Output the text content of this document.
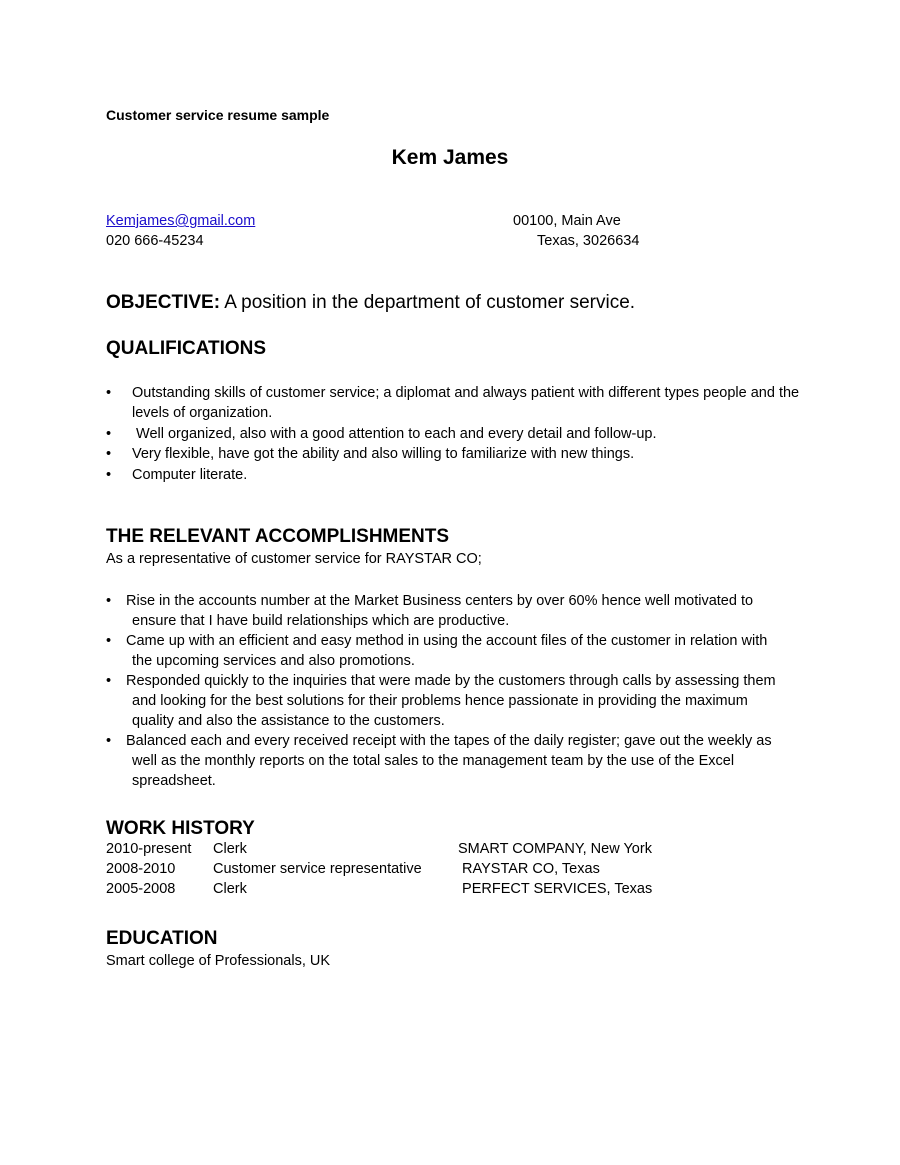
Customer service resume sample
Kem James
Kemjames@gmail.com
020 666-45234
00100, Main Ave
Texas, 3026634
OBJECTIVE: A position in the department of customer service.
QUALIFICATIONS
• Outstanding skills of customer service; a diplomat and always patient with different types people and the levels of organization.
• Well organized, also with a good attention to each and every detail and follow-up.
• Very flexible, have got the ability and also willing to familiarize with new things.
• Computer literate.
THE RELEVANT ACCOMPLISHMENTS
As a representative of customer service for RAYSTAR CO;
• Rise in the accounts number at the Market Business centers by over 60% hence well motivated to
ensure that I have build relationships which are productive.
• Came up with an efficient and easy method in using the account files of the customer in relation with
the upcoming services and also promotions.
• Responded quickly to the inquiries that were made by the customers through calls by assessing them
and looking for the best solutions for their problems hence passionate in providing the maximum quality and also the assistance to the customers.
• Balanced each and every received receipt with the tapes of the daily register; gave out the weekly as
well as the monthly reports on the total sales to the management team by the use of the Excel spreadsheet.
WORK HISTORY
2010-present Clerk	SMART COMPANY, New York
2008-2010	Customer service representative	RAYSTAR CO, Texas
2005-2008	Clerk	PERFECT SERVICES, Texas
EDUCATION
Smart college of Professionals, UK
